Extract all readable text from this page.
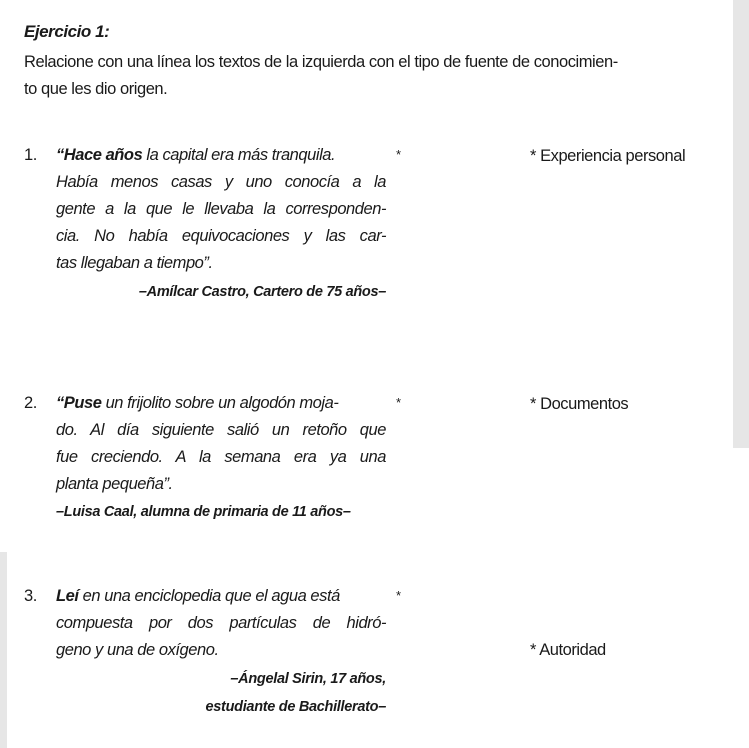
Ejercicio 1:
Relacione con una línea los textos de la izquierda con el tipo de fuente de conocimien-
to que les dio origen.
1. “Hace años la capital era más tranquila.	*
Había menos casas y uno conocía a la
gente a la que le llevaba la corresponden-
cia. No había equivocaciones y las car-
tas llegaban a tiempo”.
–Amílcar Castro, Cartero de 75 años–
2. “Puse un frijolito sobre un algodón moja-	*
do. Al día siguiente salió un retoño que
fue creciendo. A la semana era ya una
planta pequeña”.
–Luisa Caal, alumna de primaria de 11 años–
3. Leí en una enciclopedia que el agua está	*
compuesta por dos partículas de hidró-
geno y una de oxígeno.
–Ángelal Sirin, 17 años,
estudiante de Bachillerato–
* Experiencia personal
* Documentos
* Autoridad
